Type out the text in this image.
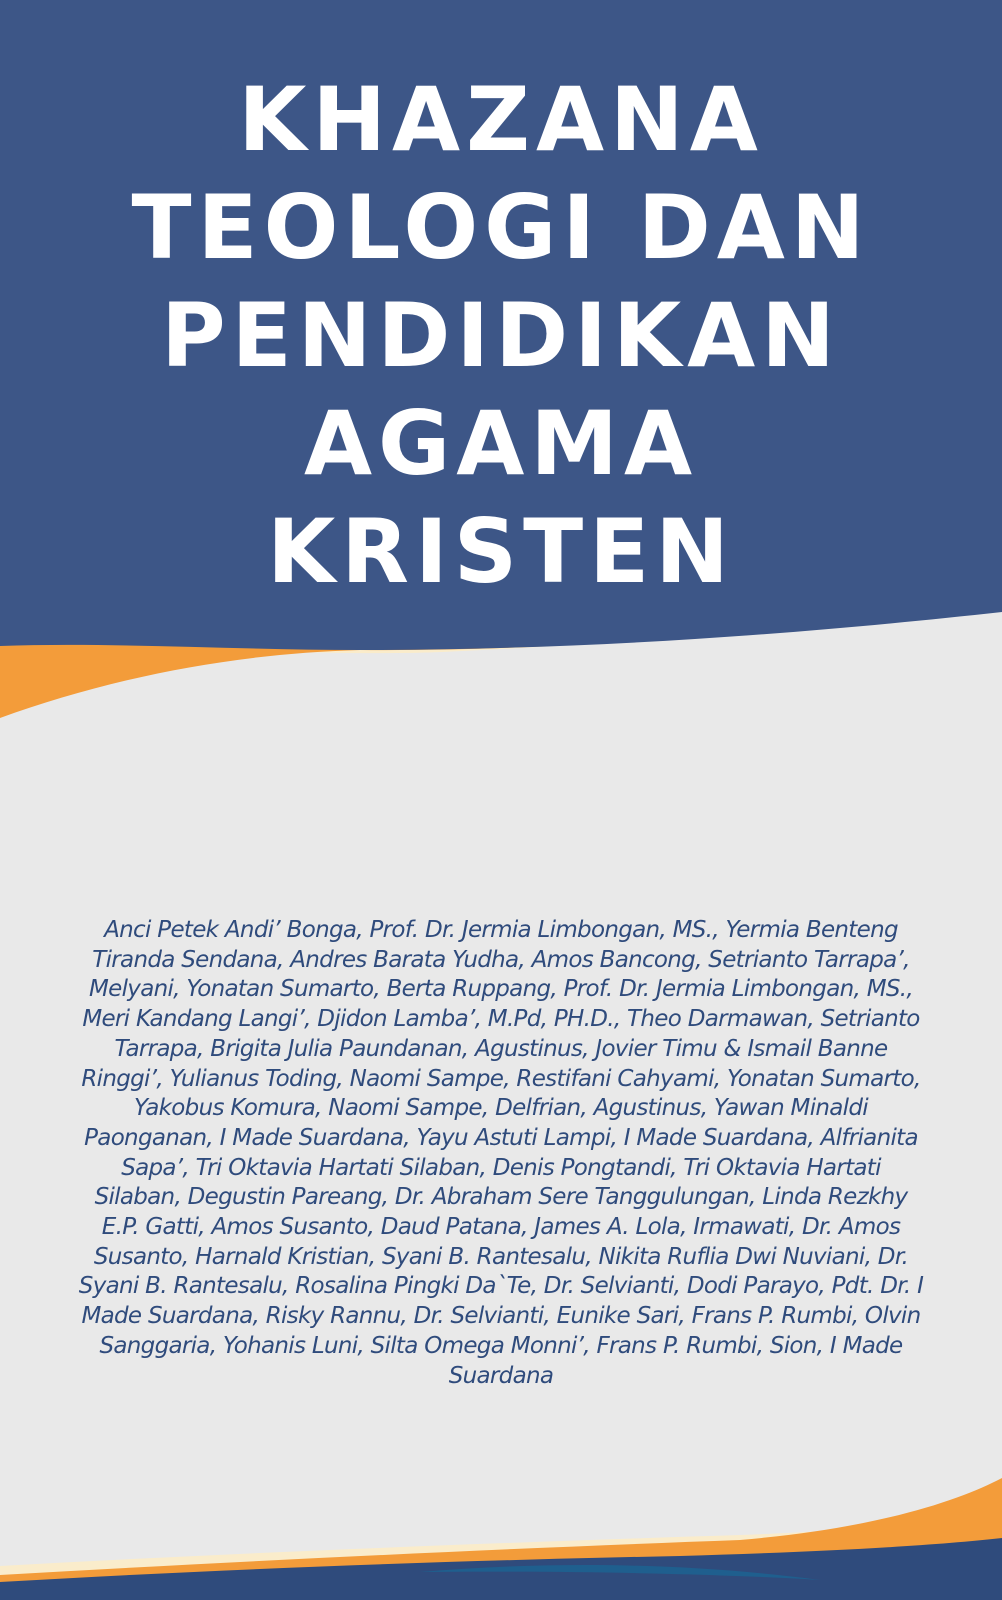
KHAZANA
TEOLOGI DAN
PENDIDIKAN
AGAMA
KRISTEN

Anci Petek Andi’ Bonga, Prof. Dr. Jermia Limbongan, MS., Yermia Benteng Tiranda Sendana, Andres Barata Yudha, Amos Bancong, Setrianto Tarrapa’, Melyani, Yonatan Sumarto, Berta Ruppang, Prof. Dr. Jermia Limbongan, MS., Meri Kandang Langi’, Djidon Lamba’, M.Pd, PH.D., Theo Darmawan, Setrianto Tarrapa, Brigita Julia Paundanan, Agustinus, Jovier Timu & Ismail Banne Ringgi’, Yulianus Toding, Naomi Sampe, Restifani Cahyami, Yonatan Sumarto, Yakobus Komura, Naomi Sampe, Delfrian, Agustinus, Yawan Minaldi Paonganan, I Made Suardana, Yayu Astuti Lampi, I Made Suardana, Alfrianita Sapa’, Tri Oktavia Hartati Silaban, Denis Pongtandi, Tri Oktavia Hartati Silaban, Degustin Pareang, Dr. Abraham Sere Tanggulungan, Linda Rezkhy E.P. Gatti, Amos Susanto, Daud Patana, James A. Lola, Irmawati, Dr. Amos Susanto, Harnald Kristian, Syani B. Rantesalu, Nikita Ruflia Dwi Nuviani, Dr. Syani B. Rantesalu, Rosalina Pingki Da`Te, Dr. Selvianti, Dodi Parayo, Pdt. Dr. I Made Suardana, Risky Rannu, Dr. Selvianti, Eunike Sari, Frans P. Rumbi, Olvin Sanggaria, Yohanis Luni, Silta Omega Monni’, Frans P. Rumbi, Sion, I Made Suardana
